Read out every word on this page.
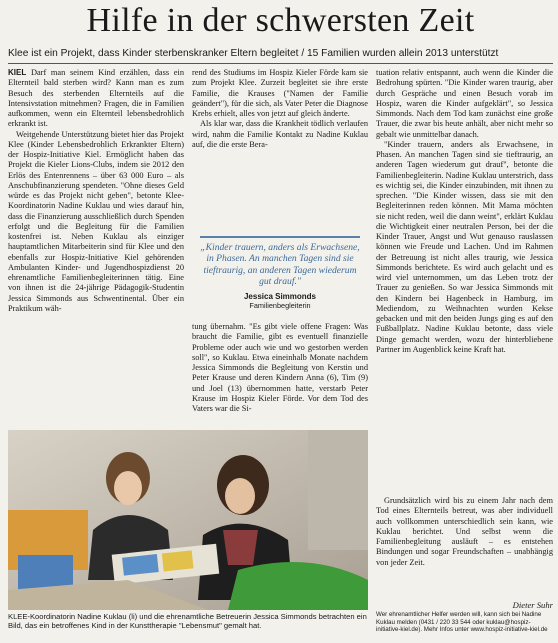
Hilfe in der schwersten Zeit
Klee ist ein Projekt, dass Kinder sterbenskranker Eltern begleitet / 15 Familien wurden allein 2013 unterstützt

KIEL Darf man seinem Kind erzählen, dass ein Elternteil bald sterben wird? Kann man es zum Besuch des sterbenden Elternteils auf die Intensivstation mitnehmen? Fragen, die in Familien aufkommen, wenn ein Elternteil lebensbedrohlich erkrankt ist.

Weitgehende Unterstützung bietet hier das Projekt Klee (Kinder Lebensbedrohlich Erkrankter Eltern) der Hospiz-Initiative Kiel. Ermöglicht haben das Projekt die Kieler Lions-Clubs, indem sie 2012 den Erlös des Entenrennens – über 63 000 Euro – als Anschubfinanzierung spendeten. "Ohne dieses Geld würde es das Projekt nicht geben", betonte Klee-Koordinatorin Nadine Kuklau und wies darauf hin, dass die Finanzierung ausschließlich durch Spenden erfolgt und die Begleitung für die Familien kostenfrei ist. Neben Kuklau als einziger hauptamtlichen Mitarbeiterin sind für Klee und den ebenfalls zur Hospiz-Initiative Kiel gehörenden Ambulanten Kinder- und Jugendhospizdienst 20 ehrenamtliche Familienbegleiterinnen tätig. Eine von ihnen ist die 24-jährige Pädagogik-Studentin Jessica Simmonds aus Schwentinental. Über ein Praktikum wäh-

rend des Studiums im Hospiz Kieler Förde kam sie zum Projekt Klee. Zurzeit begleitet sie ihre erste Familie, die Krauses ("Namen der Familie geändert"), für die sich, als Vater Peter die Diagnose Krebs erhielt, alles von jetzt auf gleich änderte.

Als klar war, dass die Krankheit tödlich verlaufen wird, nahm die Familie Kontakt zu Nadine Kuklau auf, die die erste Bera-

„Kinder trauern, anders als Erwachsene, in Phasen. An manchen Tagen sind sie tieftraurig, an anderen Tagen wiederum gut drauf."
Jessica Simmonds
Familienbegleiterin

tung übernahm. "Es gibt viele offene Fragen: Was braucht die Familie, gibt es eventuell finanzielle Probleme oder auch wie und wo gestorben werden soll", so Kuklau. Etwa eineinhalb Monate nachdem Jessica Simmonds die Begleitung von Kerstin und Peter Krause und deren Kindern Anna (6), Tim (9) und Joel (13) übernommen hatte, verstarb Peter Krause im Hospiz Kieler Förde. Vor dem Tod des Vaters war die Si-

tuation relativ entspannt, auch wenn die Kinder die Bedrohung spürten. "Die Kinder waren traurig, aber durch Gespräche und einen Besuch vorab im Hospiz, waren die Kinder aufgeklärt", so Jessica Simmonds. Nach dem Tod kam zunächst eine große Trauer, die zwar bis heute anhält, aber nicht mehr so gebalt wie unmittelbar danach.

"Kinder trauern, anders als Erwachsene, in Phasen. An manchen Tagen sind sie tieftraurig, an anderen Tagen wiederum gut drauf", betonte die Familienbegleiterin. Nadine Kuklau unterstrich, dass es wichtig sei, die Kinder einzubinden, mit ihnen zu sprechen. "Die Kinder wissen, dass sie mit den Begleiterinnen reden können. Mit Mama möchten sie nicht reden, weil die dann weint", erklärt Kuklau die Wichtigkeit einer neutralen Person, bei der die Kinder Trauer, Angst und Wut genauso rauslassen können wie Freude und Lachen. Und im Rahmen der Betreuung ist nicht alles traurig, wie Jessica Simmonds berichtete. Es wird auch gelacht und es wird viel unternommen, um das Leben trotz der Trauer zu genießen. So war Jessica Simmonds mit den Kindern bei Hagenbeck in Hamburg, im Mediendom, zu Weihnachten wurden Kekse gebacken und mit den beiden Jungs ging es auf den Fußballplatz. Nadine Kuklau betonte, dass viele Dinge gemacht werden, wozu der hinterbliebene Partner im Augenblick keine Kraft hat.

Grundsätzlich wird bis zu einem Jahr nach dem Tod eines Elternteils betreut, was aber individuell auch vollkommen unterschiedlich sein kann, wie Kuklau berichtet. Und selbst wenn die Familienbegleitung ausläuft – es entstehen Bindungen und sogar Freundschaften – unabhängig von jeder Zeit.

Dieter Suhr
Wer ehrenamtlicher Helfer werden will, kann sich bei Nadine Kuklau melden (0431 / 220 33 544 oder kuklau@hospiz-initiative-kiel.de). Mehr Infos unter www.hospiz-initiative-kiel.de
KLEE-Koordinatorin Nadine Kuklau (li) und die ehrenamtliche Betreuerin Jessica Simmonds betrachten ein Bild, das ein betroffenes Kind in der Kunsttherapie "Lebensmut" gemalt hat.
